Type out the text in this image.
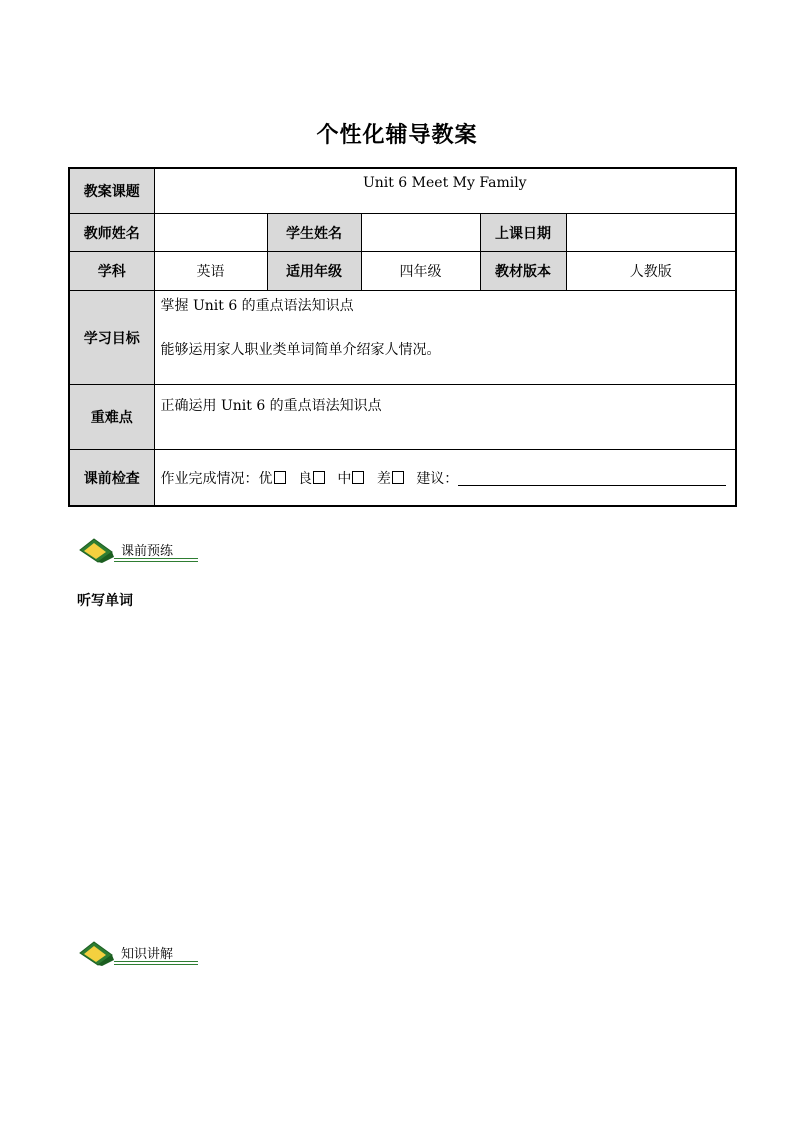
个性化辅导教案
教案课题	Unit 6 Meet My Family				
教师姓名		学生姓名		上课日期	
学科	英语	适用年级	四年级	教材版本	人教版
学习目标	掌握 Unit 6 的重点语法知识点
能够运用家人职业类单词简单介绍家人情况。				

重难点	正确运用 Unit 6 的重点语法知识点				
课前检查	作业完成情况：优 良 中 差 建议：				
课前预练
听写单词
知识讲解
